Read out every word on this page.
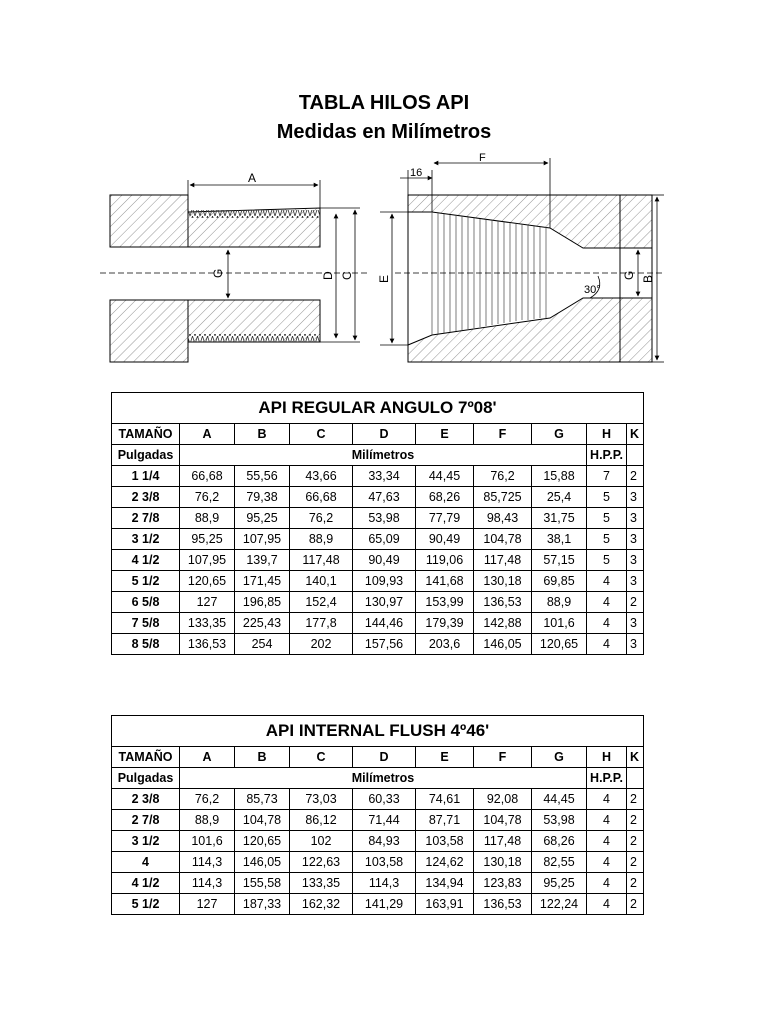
TABLA HILOS API
Medidas en Milímetros
A
G	D C
16
F
E	G B
30°
API REGULAR ANGULO 7º08'									
TAMAÑO	A	B	C	D	E	F	G	H	K
Pulgadas	Milímetros							H.P.P.	
1 1/4	66,68	55,56	43,66	33,34	44,45	76,2	15,88	7	2
2 3/8	76,2	79,38	66,68	47,63	68,26	85,725	25,4	5	3
2 7/8	88,9	95,25	76,2	53,98	77,79	98,43	31,75	5	3
3 1/2	95,25	107,95	88,9	65,09	90,49	104,78	38,1	5	3
4 1/2	107,95	139,7	117,48	90,49	119,06	117,48	57,15	5	3
5 1/2	120,65	171,45	140,1	109,93	141,68	130,18	69,85	4	3
6 5/8	127	196,85	152,4	130,97	153,99	136,53	88,9	4	2
7 5/8	133,35	225,43	177,8	144,46	179,39	142,88	101,6	4	3
8 5/8	136,53	254	202	157,56	203,6	146,05	120,65	4	3
API INTERNAL FLUSH 4º46'									
TAMAÑO	A	B	C	D	E	F	G	H	K
Pulgadas	Milímetros							H.P.P.	
2 3/8	76,2	85,73	73,03	60,33	74,61	92,08	44,45	4	2
2 7/8	88,9	104,78	86,12	71,44	87,71	104,78	53,98	4	2
3 1/2	101,6	120,65	102	84,93	103,58	117,48	68,26	4	2
4	114,3	146,05	122,63	103,58	124,62	130,18	82,55	4	2
4 1/2	114,3	155,58	133,35	114,3	134,94	123,83	95,25	4	2
5 1/2	127	187,33	162,32	141,29	163,91	136,53	122,24	4	2
